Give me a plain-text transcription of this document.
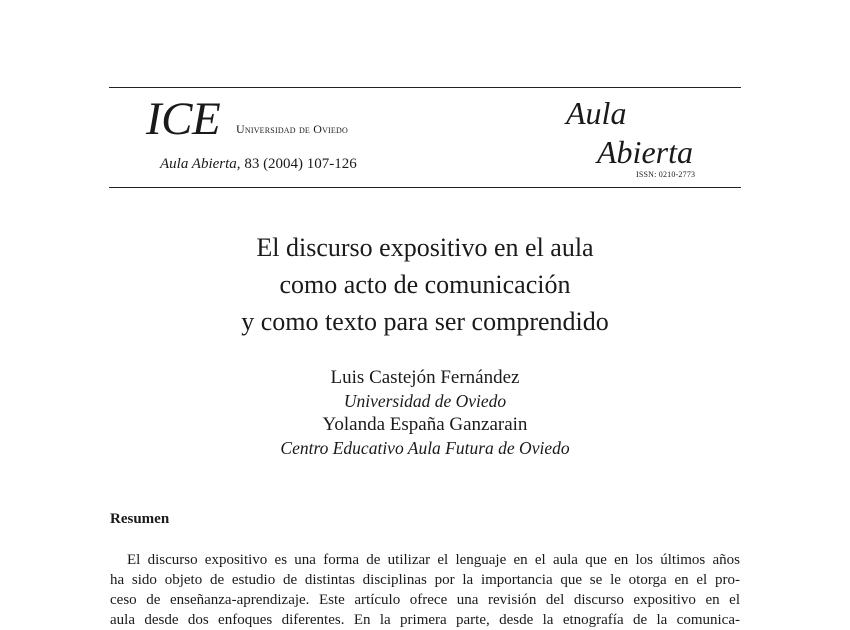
ICE Universidad de Oviedo
Aula Abierta, 83 (2004) 107-126
Aula
Abierta
ISSN: 0210-2773
El discurso expositivo en el aula
como acto de comunicación
y como texto para ser comprendido
Luis Castejón Fernández
Universidad de Oviedo
Yolanda España Ganzarain
Centro Educativo Aula Futura de Oviedo
Resumen
El discurso expositivo es una forma de utilizar el lenguaje en el aula que en los últimos años
ha sido objeto de estudio de distintas disciplinas por la importancia que se le otorga en el pro-
ceso de enseñanza-aprendizaje. Este artículo ofrece una revisión del discurso expositivo en el
aula desde dos enfoques diferentes. En la primera parte, desde la etnografía de la comunica-
